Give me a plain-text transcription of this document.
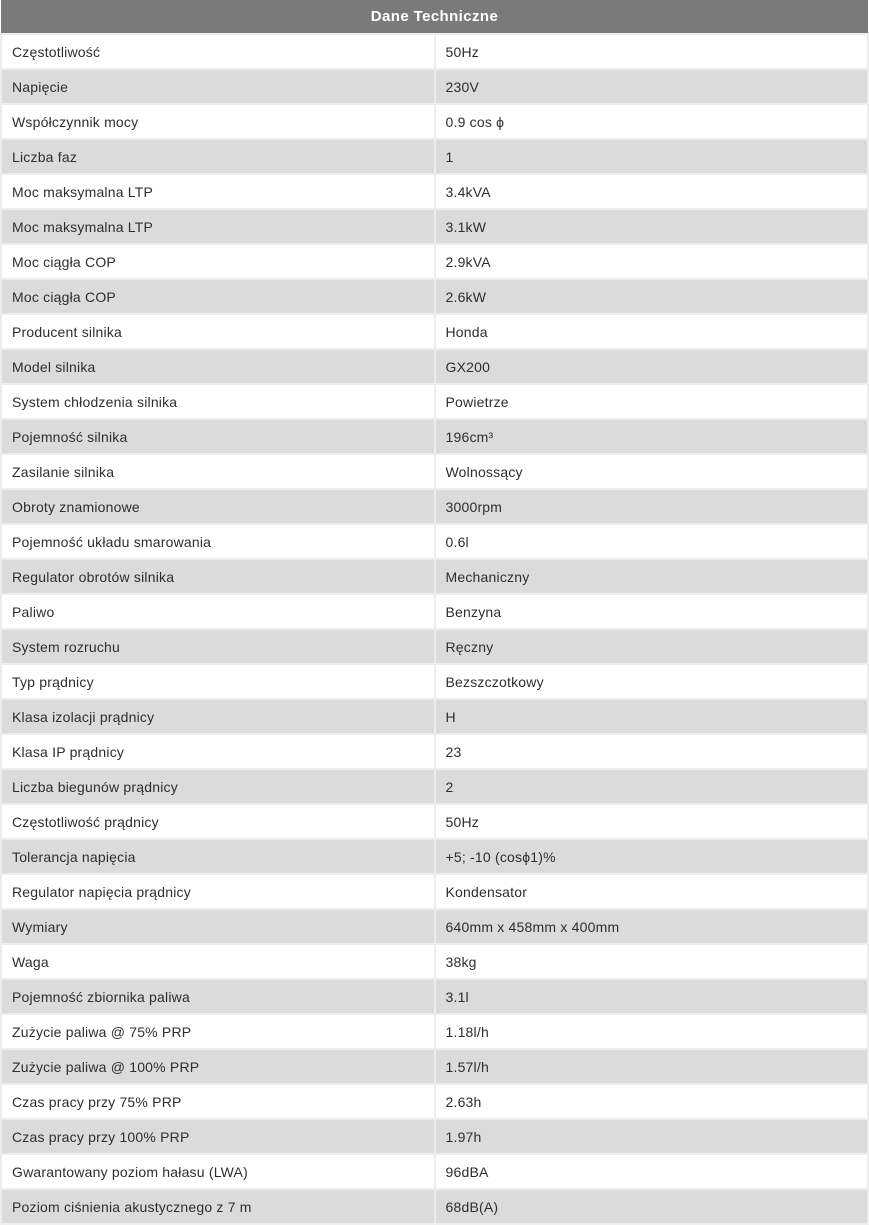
Dane Techniczne	
Częstotliwość	50Hz
Napięcie	230V
Współczynnik mocy	0.9 cos ϕ
Liczba faz	1
Moc maksymalna LTP	3.4kVA
Moc maksymalna LTP	3.1kW
Moc ciągła COP	2.9kVA
Moc ciągła COP	2.6kW
Producent silnika	Honda
Model silnika	GX200
System chłodzenia silnika	Powietrze
Pojemność silnika	196cm³
Zasilanie silnika	Wolnossący
Obroty znamionowe	3000rpm
Pojemność układu smarowania	0.6l
Regulator obrotów silnika	Mechaniczny
Paliwo	Benzyna
System rozruchu	Ręczny
Typ prądnicy	Bezszczotkowy
Klasa izolacji prądnicy	H
Klasa IP prądnicy	23
Liczba biegunów prądnicy	2
Częstotliwość prądnicy	50Hz
Tolerancja napięcia	+5; -10 (cosϕ1)%
Regulator napięcia prądnicy	Kondensator
Wymiary	640mm x 458mm x 400mm
Waga	38kg
Pojemność zbiornika paliwa	3.1l
Zużycie paliwa @ 75% PRP	1.18l/h
Zużycie paliwa @ 100% PRP	1.57l/h
Czas pracy przy 75% PRP	2.63h
Czas pracy przy 100% PRP	1.97h
Gwarantowany poziom hałasu (LWA)	96dBA
Poziom ciśnienia akustycznego z 7 m	68dB(A)
